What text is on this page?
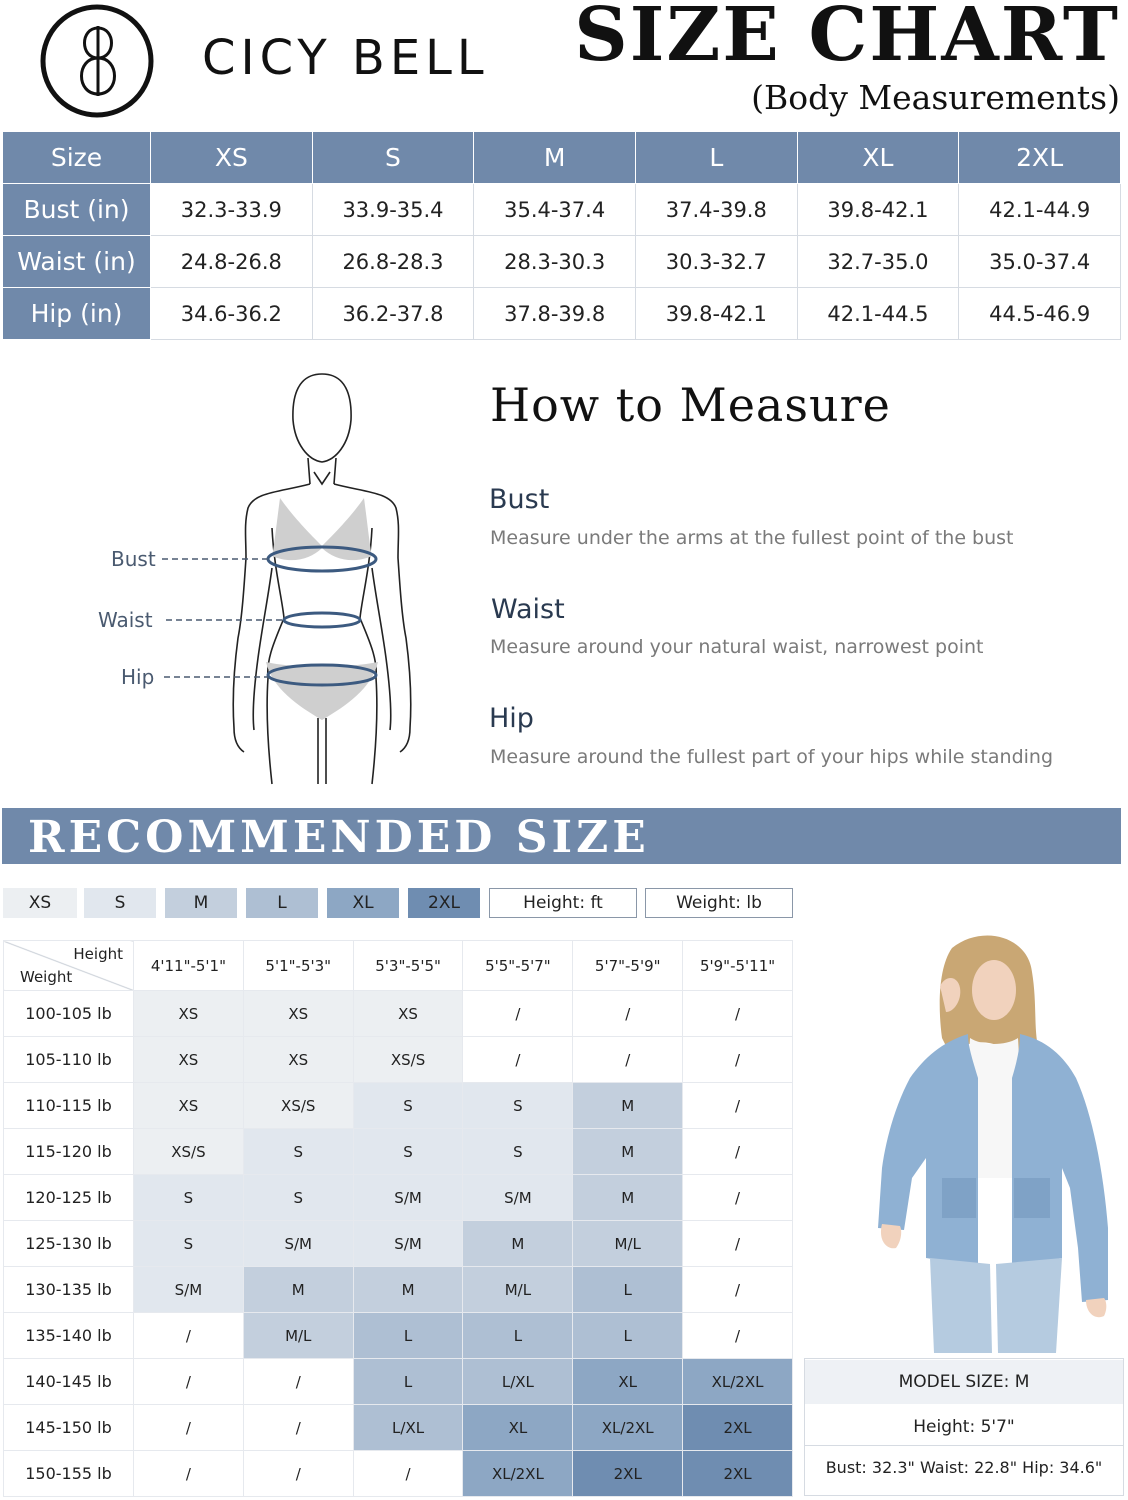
CICY BELL SIZE CHART
(Body Measurements)
Size	XS	S	M	L	XL	2XL
Bust (in)	32.3-33.9	33.9-35.4	35.4-37.4	37.4-39.8	39.8-42.1	42.1-44.9
Waist (in)	24.8-26.8	26.8-28.3	28.3-30.3	30.3-32.7	32.7-35.0	35.0-37.4
Hip (in)	34.6-36.2	36.2-37.8	37.8-39.8	39.8-42.1	42.1-44.5	44.5-46.9
Bust
Waist
Hip
How to Measure
Bust
Measure under the arms at the fullest point of the bust
Waist
Measure around your natural waist, narrowest point
Hip
Measure around the fullest part of your hips while standing
RECOMMENDED SIZE
XS	S	M	L	XL	2XL	Height: ft	Weight: lb
Height
Weight	4'11"-5'1"	5'1"-5'3"	5'3"-5'5"	5'5"-5'7"	5'7"-5'9"	5'9"-5'11"
100-105 lb	XS	XS	XS	/	/	/
105-110 lb	XS	XS	XS/S	/	/	/
110-115 lb	XS	XS/S	S	S	M	/
115-120 lb	XS/S	S	S	S	M	/
120-125 lb	S	S	S/M	S/M	M	/
125-130 lb	S	S/M	S/M	M	M/L	/
130-135 lb	S/M	M	M	M/L	L	/
135-140 lb	/	M/L	L	L	L	/
140-145 lb	/	/	L	L/XL	XL	XL/2XL
145-150 lb	/	/	L/XL	XL	XL/2XL	2XL
150-155 lb	/	/	/	XL/2XL	2XL	2XL
MODEL SIZE: M
Height: 5'7"
Bust: 32.3" Waist: 22.8" Hip: 34.6"
